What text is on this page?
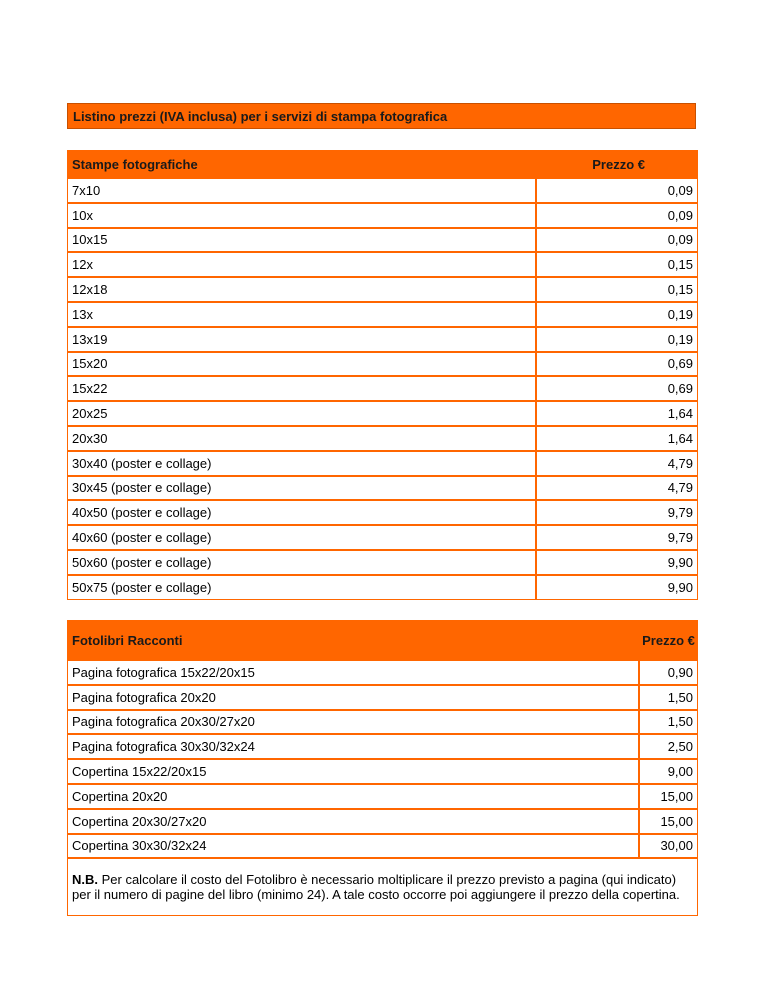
Listino prezzi (IVA inclusa) per i servizi di stampa fotografica
Stampe fotografiche	Prezzo €
7x10	0,09
10x	0,09
10x15	0,09
12x	0,15
12x18	0,15
13x	0,19
13x19	0,19
15x20	0,69
15x22	0,69
20x25	1,64
20x30	1,64
30x40 (poster e collage)	4,79
30x45 (poster e collage)	4,79
40x50 (poster e collage)	9,79
40x60 (poster e collage)	9,79
50x60 (poster e collage)	9,90
50x75 (poster e collage)	9,90
Fotolibri Racconti	Prezzo €
Pagina fotografica 15x22/20x15	0,90
Pagina fotografica 20x20	1,50
Pagina fotografica 20x30/27x20	1,50
Pagina fotografica 30x30/32x24	2,50
Copertina 15x22/20x15	9,00
Copertina 20x20	15,00
Copertina 20x30/27x20	15,00
Copertina 30x30/32x24	30,00
N.B. Per calcolare il costo del Fotolibro è necessario moltiplicare il prezzo previsto a pagina (qui indicato) per il numero di pagine del libro (minimo 24). A tale costo occorre poi aggiungere il prezzo della copertina.	
